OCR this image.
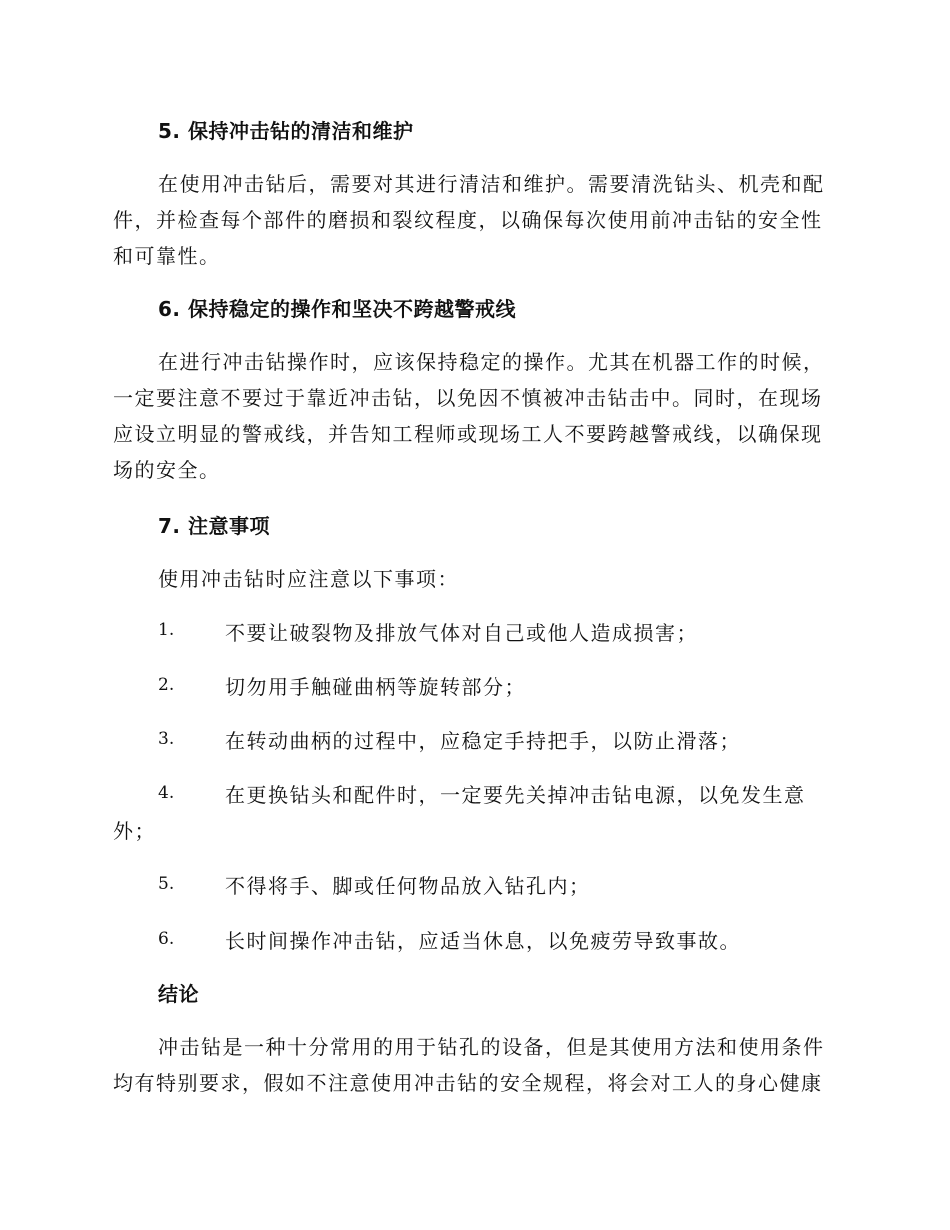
5. 保持冲击钻的清洁和维护
在使用冲击钻后，需要对其进行清洁和维护。需要清洗钻头、机壳和配
件，并检查每个部件的磨损和裂纹程度，以确保每次使用前冲击钻的安全性
和可靠性。
6. 保持稳定的操作和坚决不跨越警戒线
在进行冲击钻操作时，应该保持稳定的操作。尤其在机器工作的时候，
一定要注意不要过于靠近冲击钻，以免因不慎被冲击钻击中。同时，在现场
应设立明显的警戒线，并告知工程师或现场工人不要跨越警戒线，以确保现
场的安全。
7. 注意事项
使用冲击钻时应注意以下事项：
1.	不要让破裂物及排放气体对自己或他人造成损害；
2.	切勿用手触碰曲柄等旋转部分；
3.	在转动曲柄的过程中，应稳定手持把手，以防止滑落；
4.	在更换钻头和配件时，一定要先关掉冲击钻电源，以免发生意
外；
5.	不得将手、脚或任何物品放入钻孔内；
6.	长时间操作冲击钻，应适当休息，以免疲劳导致事故。
结论
冲击钻是一种十分常用的用于钻孔的设备，但是其使用方法和使用条件
均有特别要求，假如不注意使用冲击钻的安全规程，将会对工人的身心健康
